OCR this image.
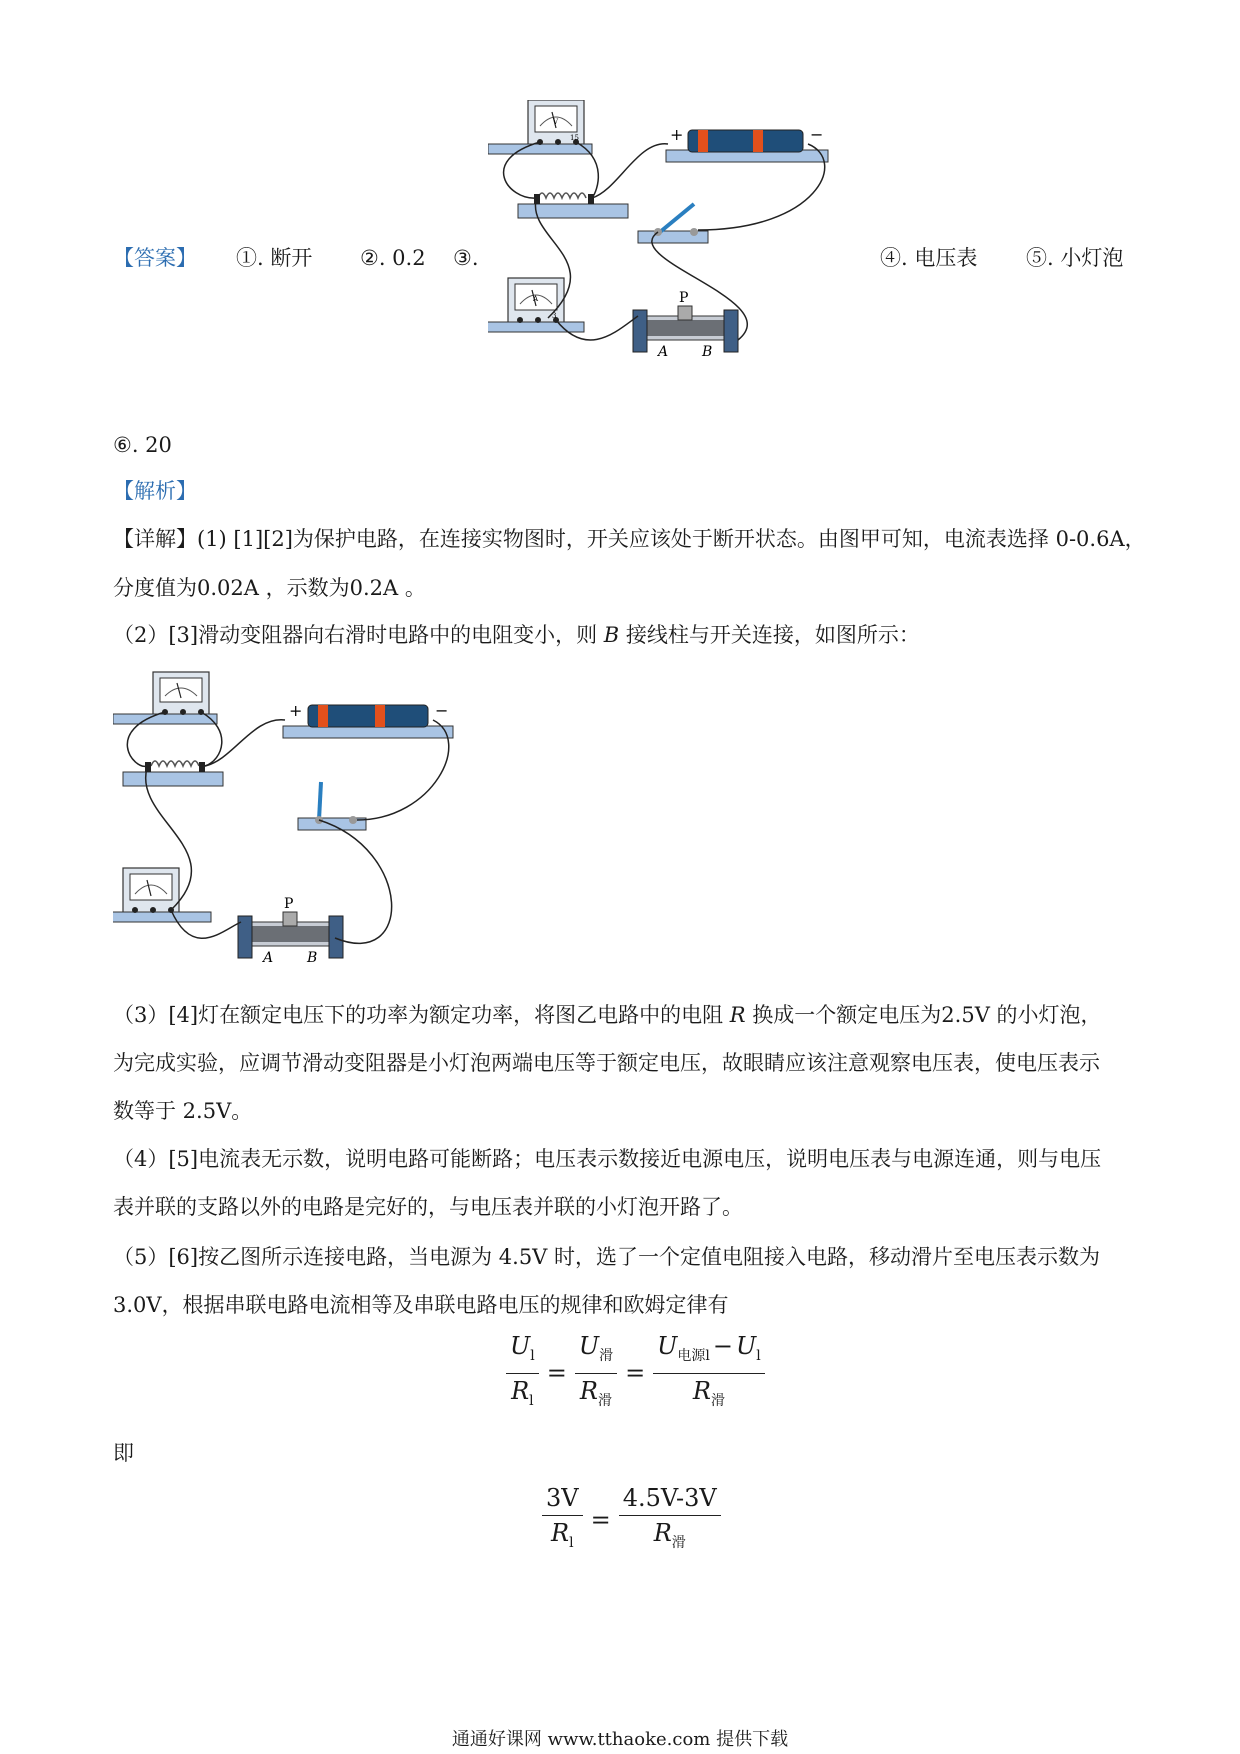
【答案】 ①. 断开 ②. 0.2 ③.	④. 电压表 ⑤. 小灯泡
V
15	+	−
A
3
P
A B
⑥. 20
【解析】
【详解】(1) [1][2]为保护电路，在连接实物图时，开关应该处于断开状态。由图甲可知，电流表选择 0-0.6A，
分度值为0.02A ，示数为0.2A 。
（2）[3]滑动变阻器向右滑时电路中的电阻变小，则 B 接线柱与开关连接，如图所示：
+	−
P
A B
（3）[4]灯在额定电压下的功率为额定功率，将图乙电路中的电阻 R 换成一个额定电压为2.5V 的小灯泡，
为完成实验，应调节滑动变阻器是小灯泡两端电压等于额定电压，故眼睛应该注意观察电压表，使电压表示
数等于 2.5V。
（4）[5]电流表无示数，说明电路可能断路；电压表示数接近电源电压，说明电压表与电源连通，则与电压
表并联的支路以外的电路是完好的，与电压表并联的小灯泡开路了。
（5）[6]按乙图所示连接电路，当电源为 4.5V 时，选了一个定值电阻接入电路，移动滑片至电压表示数为
3.0V，根据串联电路电流相等及串联电路电压的规律和欧姆定律有
$\frac{U_l}{R_l} = \frac{U_滑}{R_滑} = \frac{U_{电源l} - U_l}{R_滑}$
即
$\frac{3V}{R_l} = \frac{4.5V-3V}{R_滑}$
通通好课网 www.tthaoke.com 提供下载
